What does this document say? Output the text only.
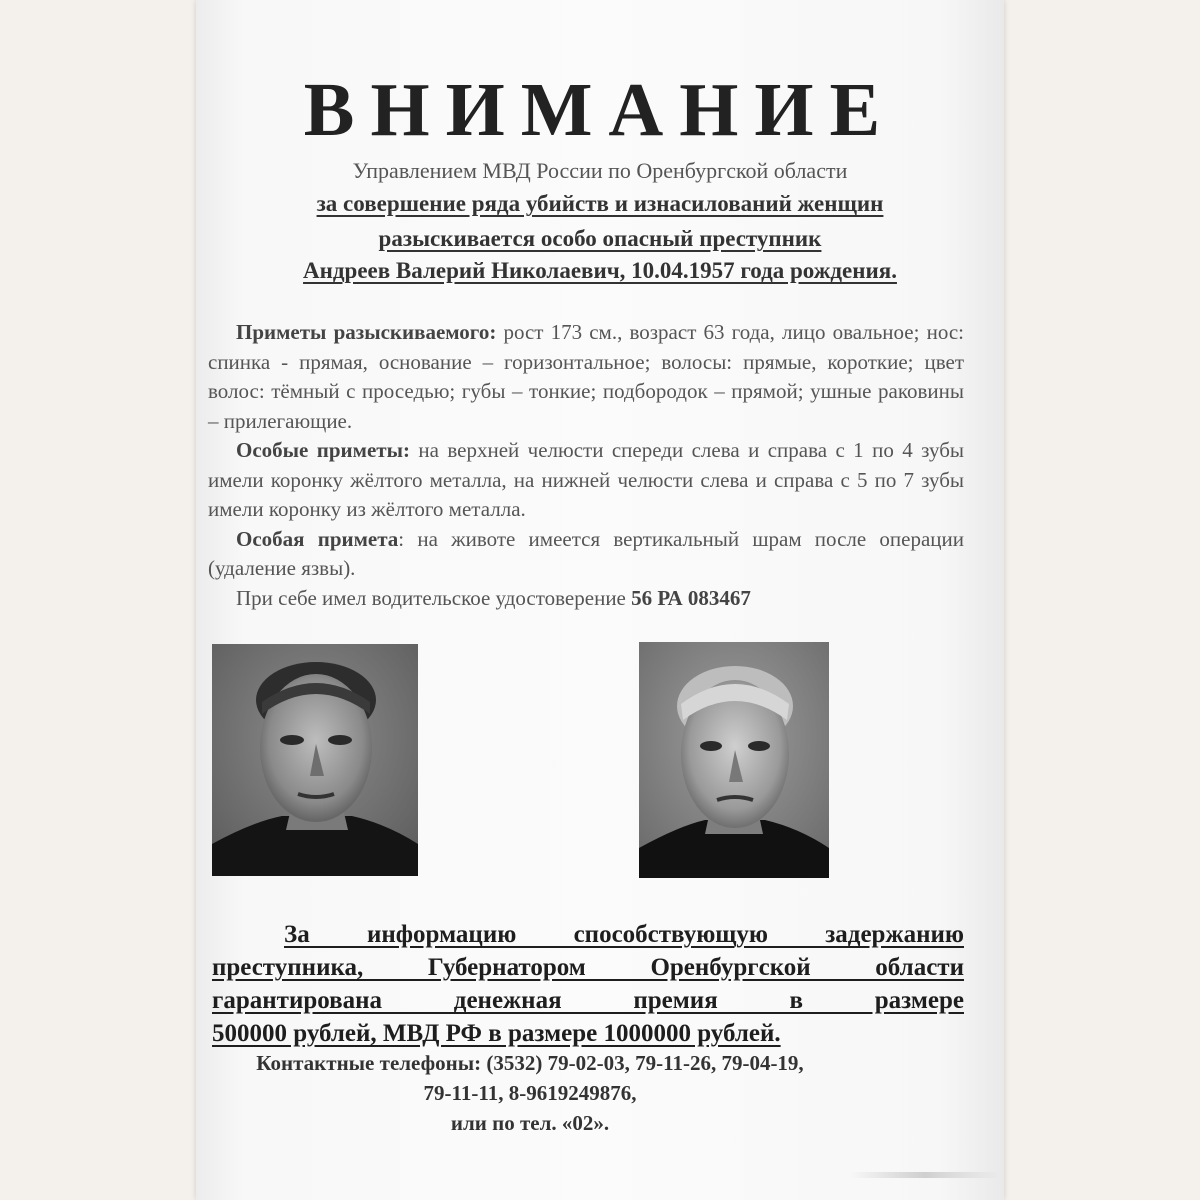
ВНИМАНИЕ
Управлением МВД России по Оренбургской области
за совершение ряда убийств и изнасилований женщин
разыскивается особо опасный преступник
Андреев Валерий Николаевич, 10.04.1957 года рождения.

Приметы разыскиваемого: рост 173 см., возраст 63 года, лицо овальное; нос: спинка - прямая, основание – горизонтальное; волосы: прямые, короткие; цвет волос: тёмный с проседью; губы – тонкие; подбородок – прямой; ушные раковины – прилегающие.

Особые приметы: на верхней челюсти спереди слева и справа с 1 по 4 зубы имели коронку жёлтого металла, на нижней челюсти слева и справа с 5 по 7 зубы имели коронку из жёлтого металла.

Особая примета: на животе имеется вертикальный шрам после операции (удаление язвы).

При себе имел водительское удостоверение 56 РА 083467

За информацию способствующую задержанию
преступника, Губернатором Оренбургской области
гарантирована денежная премия в размере
500000 рублей, МВД РФ в размере 1000000 рублей.
Контактные телефоны: (3532) 79-02-03, 79-11-26, 79-04-19,
79-11-11, 8-9619249876,
или по тел. «02».
